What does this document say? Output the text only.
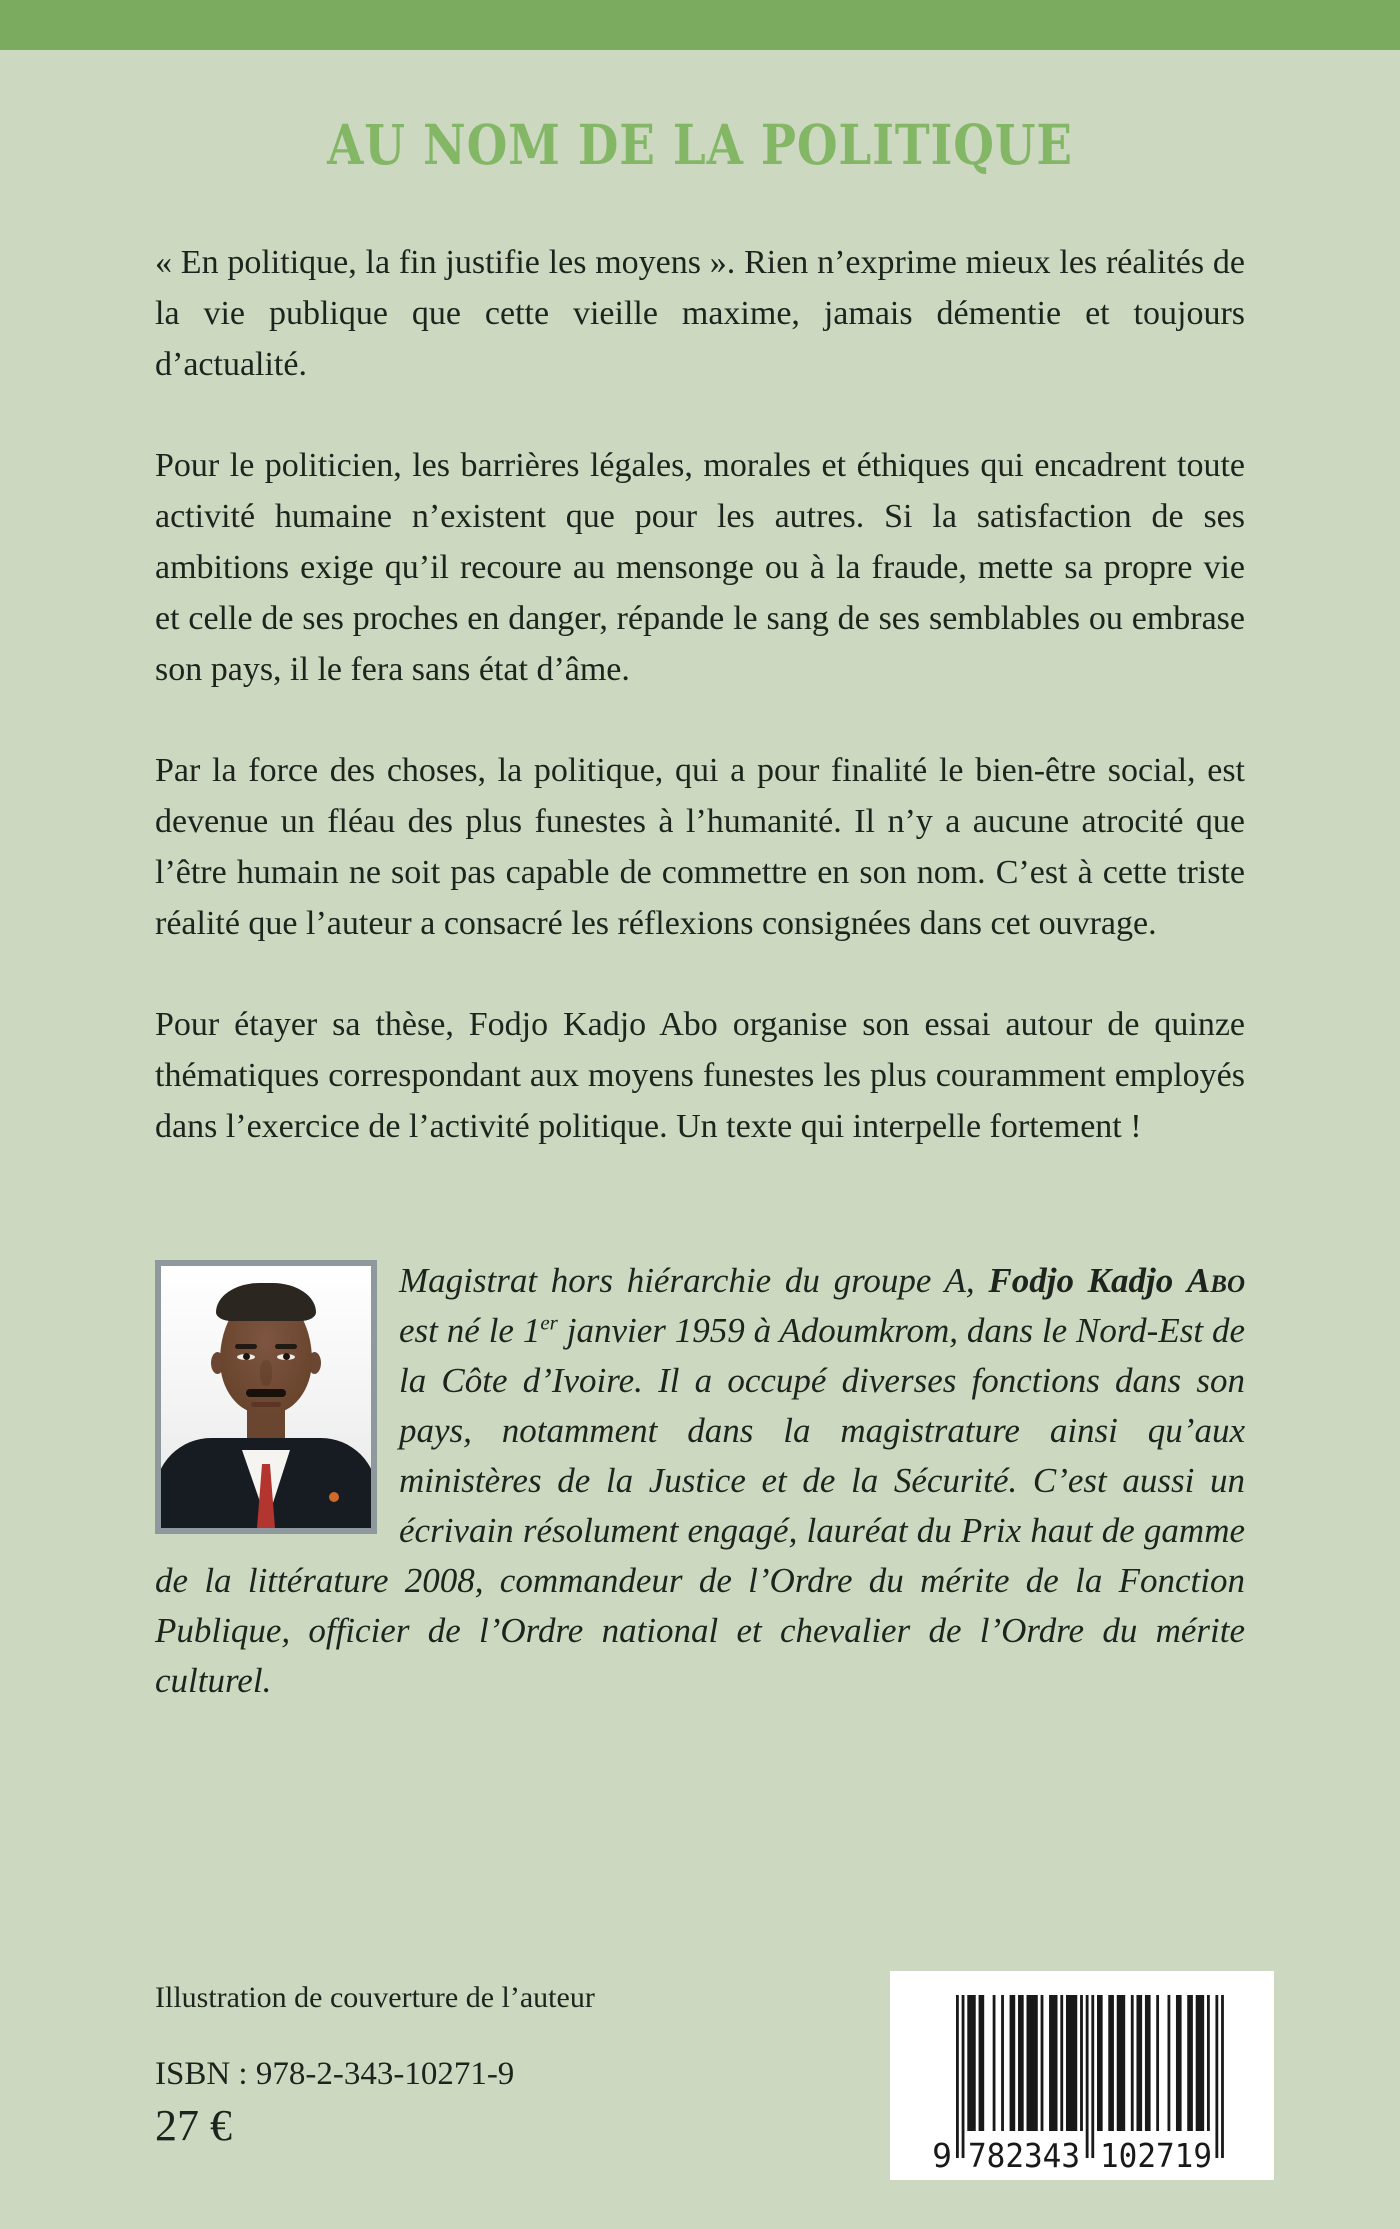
AU NOM DE LA POLITIQUE

« En politique, la fin justifie les moyens ». Rien n’exprime mieux les réalités de la vie publique que cette vieille maxime, jamais démentie et toujours d’actualité.

Pour le politicien, les barrières légales, morales et éthiques qui encadrent toute activité humaine n’existent que pour les autres. Si la satisfaction de ses ambitions exige qu’il recoure au mensonge ou à la fraude, mette sa propre vie et celle de ses proches en danger, répande le sang de ses semblables ou embrase son pays, il le fera sans état d’âme.

Par la force des choses, la politique, qui a pour finalité le bien-être social, est devenue un fléau des plus funestes à l’humanité. Il n’y a aucune atrocité que l’être humain ne soit pas capable de commettre en son nom. C’est à cette triste réalité que l’auteur a consacré les réflexions consignées dans cet ouvrage.

Pour étayer sa thèse, Fodjo Kadjo Abo organise son essai autour de quinze thématiques correspondant aux moyens funestes les plus couramment employés dans l’exercice de l’activité politique. Un texte qui interpelle fortement !

Magistrat hors hiérarchie du groupe A, Fodjo Kadjo Abo est né le 1er janvier 1959 à Adoumkrom, dans le Nord-Est de la Côte d’Ivoire. Il a occupé diverses fonctions dans son pays, notamment dans la magistrature ainsi qu’aux ministères de la Justice et de la Sécurité. C’est aussi un écrivain résolument engagé, lauréat du Prix haut de gamme de la littérature 2008, commandeur de l’Ordre du mérite de la Fonction Publique, officier de l’Ordre national et chevalier de l’Ordre du mérite culturel.
Illustration de couverture de l’auteur
ISBN : 978-2-343-10271-9
27 €
9 782343 102719
